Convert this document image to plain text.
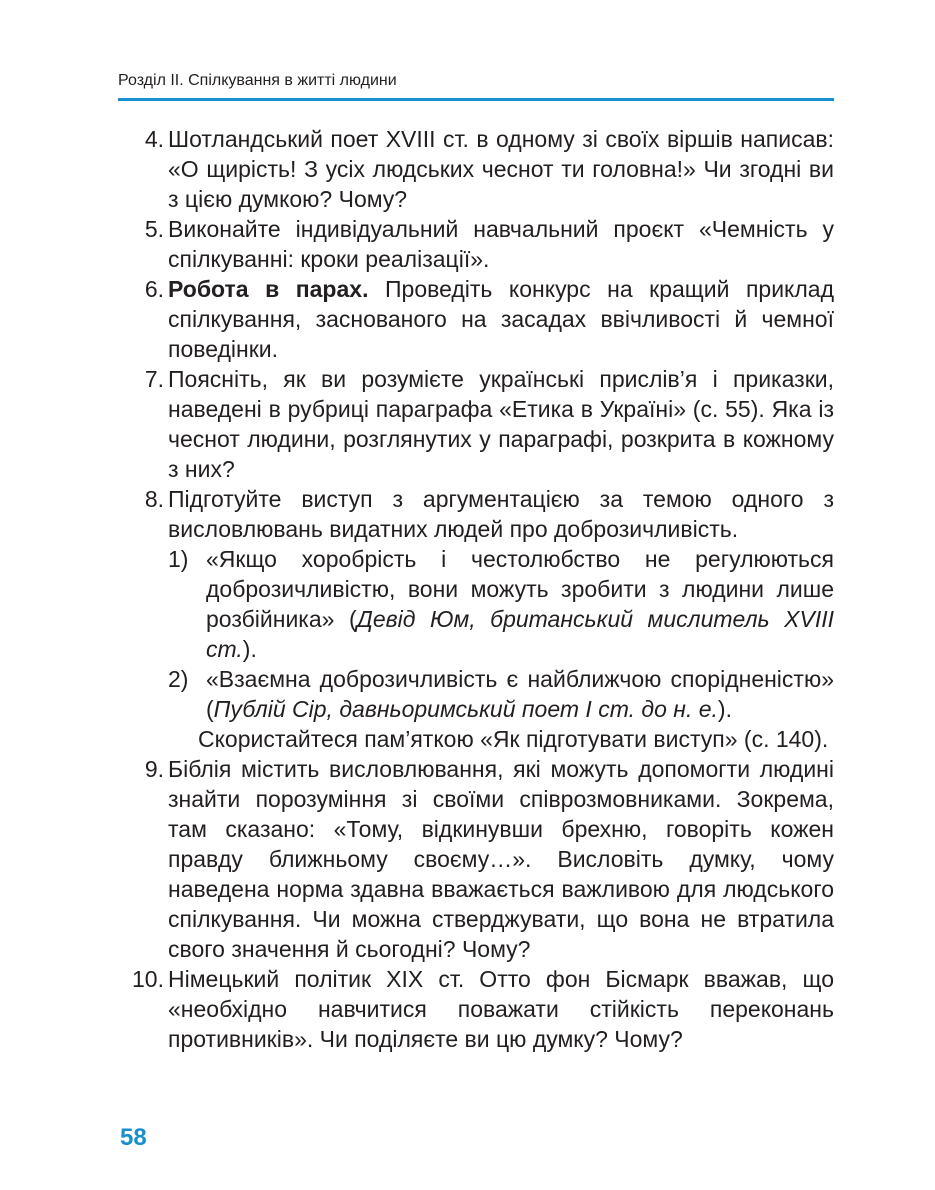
Розділ ІІ. Спілкування в житті людини
4. Шотландський поет XVIII ст. в одному зі своїх віршів написав: «О щирість! З усіх людських чеснот ти головна!» Чи згодні ви з цією думкою? Чому?
5. Виконайте індивідуальний навчальний проєкт «Чемність у спілкуванні: кроки реалізації».
6. Робота в парах. Проведіть конкурс на кращий приклад спілкування, заснованого на засадах ввічливості й чемної поведінки.
7. Поясніть, як ви розумієте українські прислів’я і приказки, наведені в рубриці параграфа «Етика в Україні» (с. 55). Яка із чеснот людини, розглянутих у параграфі, розкрита в кожному з них?
8. Підготуйте виступ з аргументацією за темою одного з висловлювань видатних людей про доброзичливість.
1) «Якщо хоробрість і честолюбство не регулюються доброзичливістю, вони можуть зробити з людини лише розбійника» (Девід Юм, британський мислитель XVIII ст.).
2) «Взаємна доброзичливість є найближчою спорідненістю» (Публій Сір, давньоримський поет I ст. до н. е.).
Скористайтеся пам’яткою «Як підготувати виступ» (с. 140).
9. Біблія містить висловлювання, які можуть допомогти людині знайти порозуміння зі своїми співрозмовниками. Зокрема, там сказано: «Тому, відкинувши брехню, говоріть кожен правду ближньому своєму…». Висловіть думку, чому наведена норма здавна вважається важливою для людського спілкування. Чи можна стверджувати, що вона не втратила свого значення й сьогодні? Чому?
10. Німецький політик XIX ст. Отто фон Бісмарк вважав, що «необхідно навчитися поважати стійкість переконань противників». Чи поділяєте ви цю думку? Чому?
58
